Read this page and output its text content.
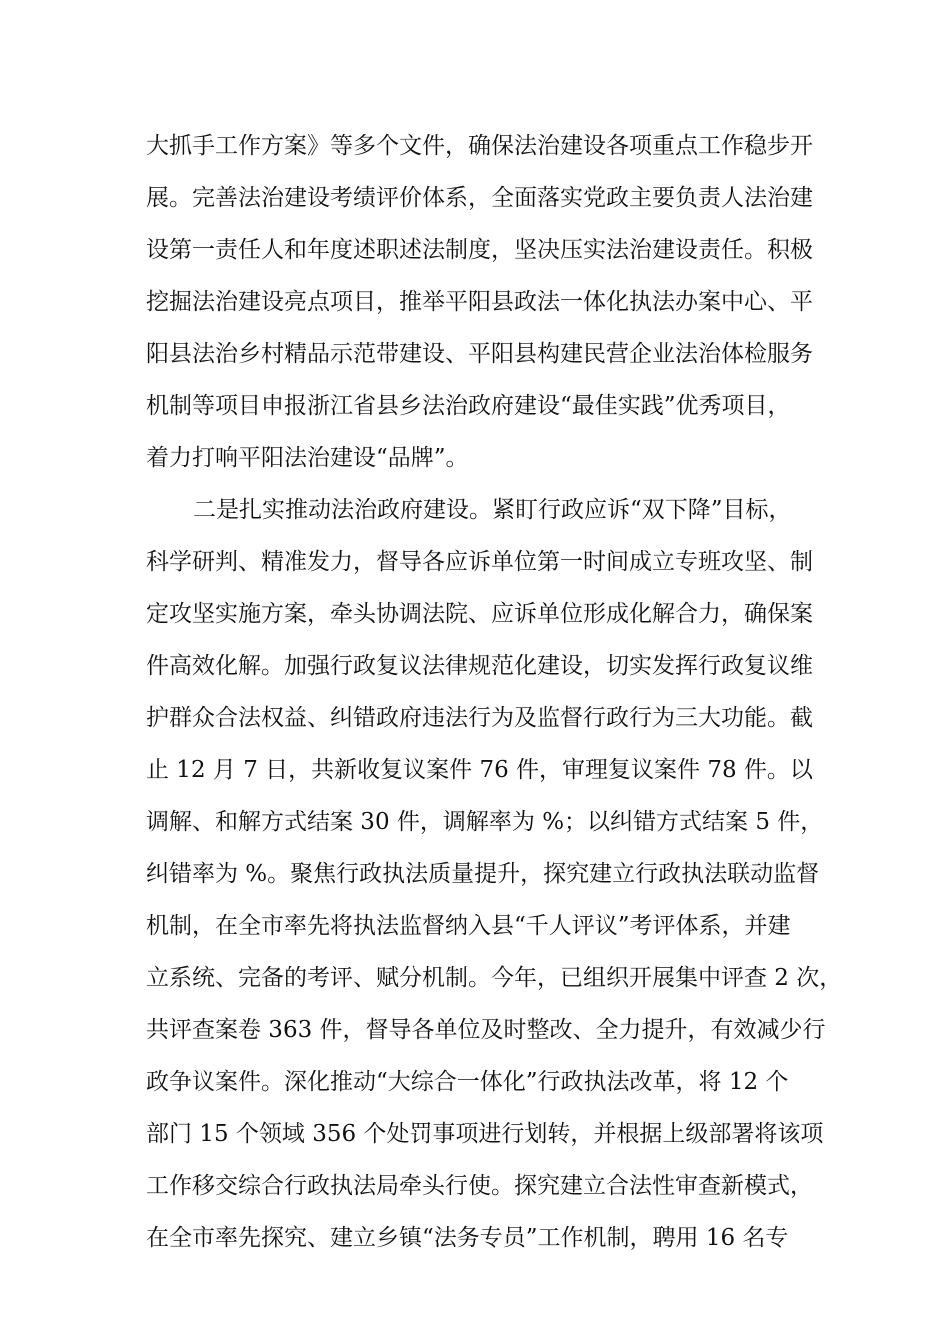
大抓手工作方案》等多个文件，确保法治建设各项重点工作稳步开
展。完善法治建设考绩评价体系，全面落实党政主要负责人法治建
设第一责任人和年度述职述法制度，坚决压实法治建设责任。积极
挖掘法治建设亮点项目，推举平阳县政法一体化执法办案中心、平
阳县法治乡村精品示范带建设、平阳县构建民营企业法治体检服务
机制等项目申报浙江省县乡法治政府建设“最佳实践”优秀项目，
着力打响平阳法治建设“品牌”。
二是扎实推动法治政府建设。紧盯行政应诉“双下降”目标，
科学研判、精准发力，督导各应诉单位第一时间成立专班攻坚、制
定攻坚实施方案，牵头协调法院、应诉单位形成化解合力，确保案
件高效化解。加强行政复议法律规范化建设，切实发挥行政复议维
护群众合法权益、纠错政府违法行为及监督行政行为三大功能。截
止 12 月 7 日，共新收复议案件 76 件，审理复议案件 78 件。以
调解、和解方式结案 30 件，调解率为 %；以纠错方式结案 5 件，
纠错率为 %。聚焦行政执法质量提升，探究建立行政执法联动监督
机制，在全市率先将执法监督纳入县“千人评议”考评体系，并建
立系统、完备的考评、赋分机制。今年，已组织开展集中评查 2 次，
共评查案卷 363 件，督导各单位及时整改、全力提升，有效减少行
政争议案件。深化推动“大综合一体化”行政执法改革，将 12 个
部门 15 个领域 356 个处罚事项进行划转，并根据上级部署将该项
工作移交综合行政执法局牵头行使。探究建立合法性审查新模式，
在全市率先探究、建立乡镇“法务专员”工作机制，聘用 16 名专
